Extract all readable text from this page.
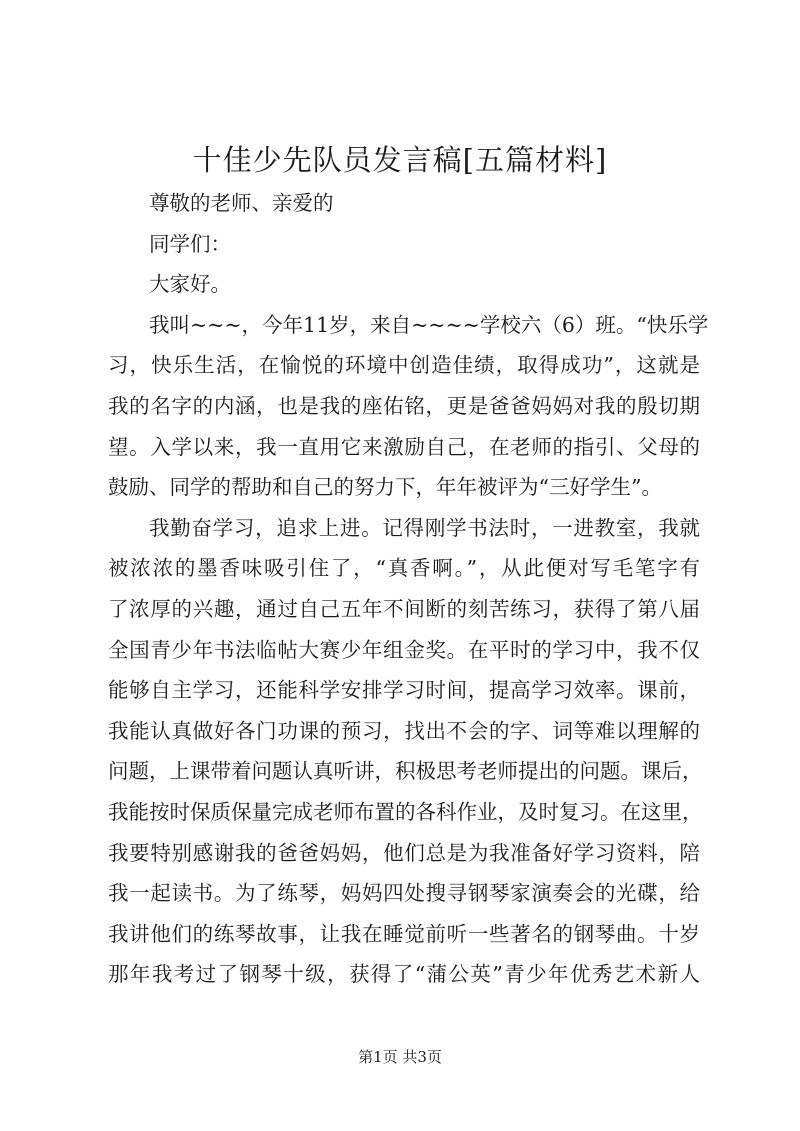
十佳少先队员发言稿[五篇材料]
尊敬的老师、亲爱的
同学们：
大家好。
我叫~~~，今年11岁，来自~~~~学校六（6）班。“快乐学
习，快乐生活，在愉悦的环境中创造佳绩，取得成功”，这就是
我的名字的内涵，也是我的座佑铭，更是爸爸妈妈对我的殷切期
望。入学以来，我一直用它来激励自己，在老师的指引、父母的
鼓励、同学的帮助和自己的努力下，年年被评为“三好学生”。
我勤奋学习，追求上进。记得刚学书法时，一进教室，我就
被浓浓的墨香味吸引住了，“真香啊。”，从此便对写毛笔字有
了浓厚的兴趣，通过自己五年不间断的刻苦练习，获得了第八届
全国青少年书法临帖大赛少年组金奖。在平时的学习中，我不仅
能够自主学习，还能科学安排学习时间，提高学习效率。课前，
我能认真做好各门功课的预习，找出不会的字、词等难以理解的
问题，上课带着问题认真听讲，积极思考老师提出的问题。课后，
我能按时保质保量完成老师布置的各科作业，及时复习。在这里，
我要特别感谢我的爸爸妈妈，他们总是为我准备好学习资料，陪
我一起读书。为了练琴，妈妈四处搜寻钢琴家演奏会的光碟，给
我讲他们的练琴故事，让我在睡觉前听一些著名的钢琴曲。十岁
那年我考过了钢琴十级，获得了“蒲公英”青少年优秀艺术新人
第1页 共3页
